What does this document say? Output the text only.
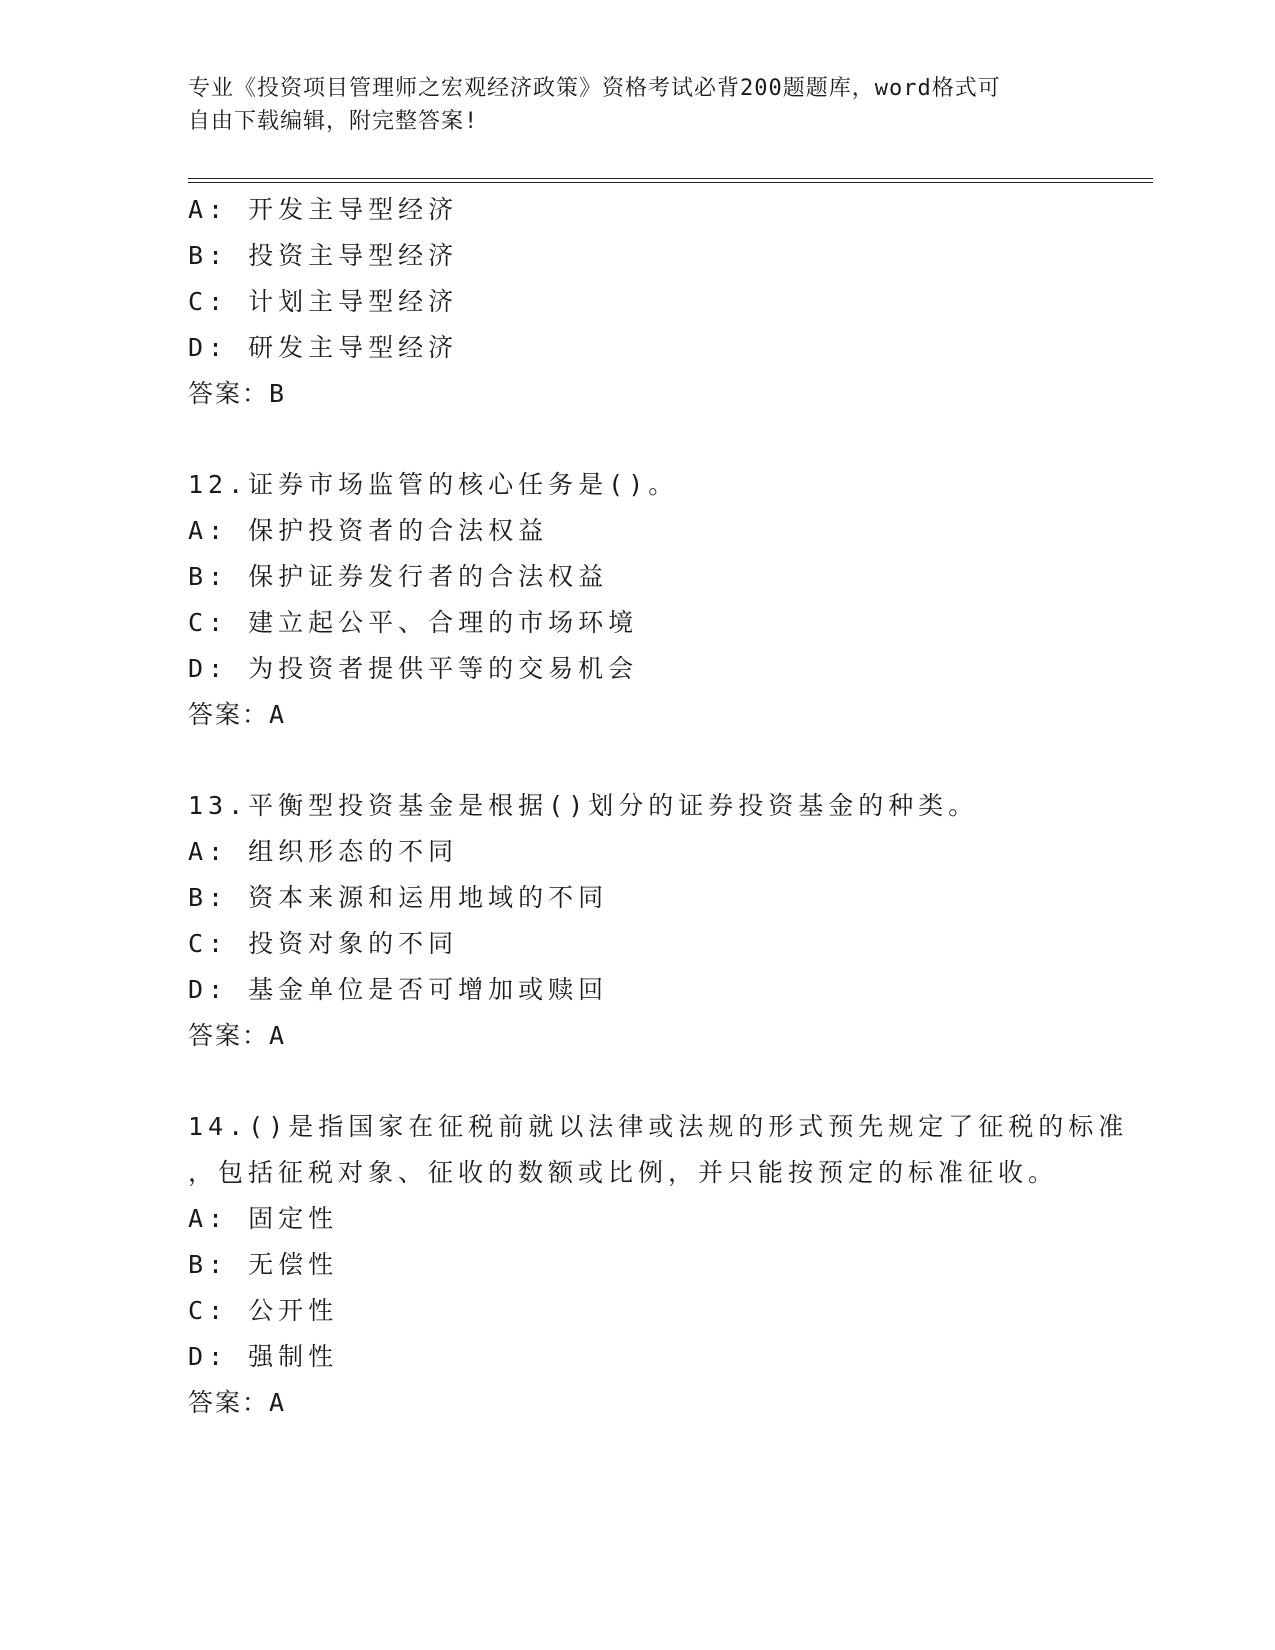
专业《投资项目管理师之宏观经济政策》资格考试必背200题题库，word格式可
自由下载编辑，附完整答案!
A: 开发主导型经济
B: 投资主导型经济
C: 计划主导型经济
D: 研发主导型经济
答案：B
12.证券市场监管的核心任务是()。
A: 保护投资者的合法权益
B: 保护证券发行者的合法权益
C: 建立起公平、合理的市场环境
D: 为投资者提供平等的交易机会
答案：A
13.平衡型投资基金是根据()划分的证券投资基金的种类。
A: 组织形态的不同
B: 资本来源和运用地域的不同
C: 投资对象的不同
D: 基金单位是否可增加或赎回
答案：A
14.()是指国家在征税前就以法律或法规的形式预先规定了征税的标准
，包括征税对象、征收的数额或比例，并只能按预定的标准征收。
A: 固定性
B: 无偿性
C: 公开性
D: 强制性
答案：A
